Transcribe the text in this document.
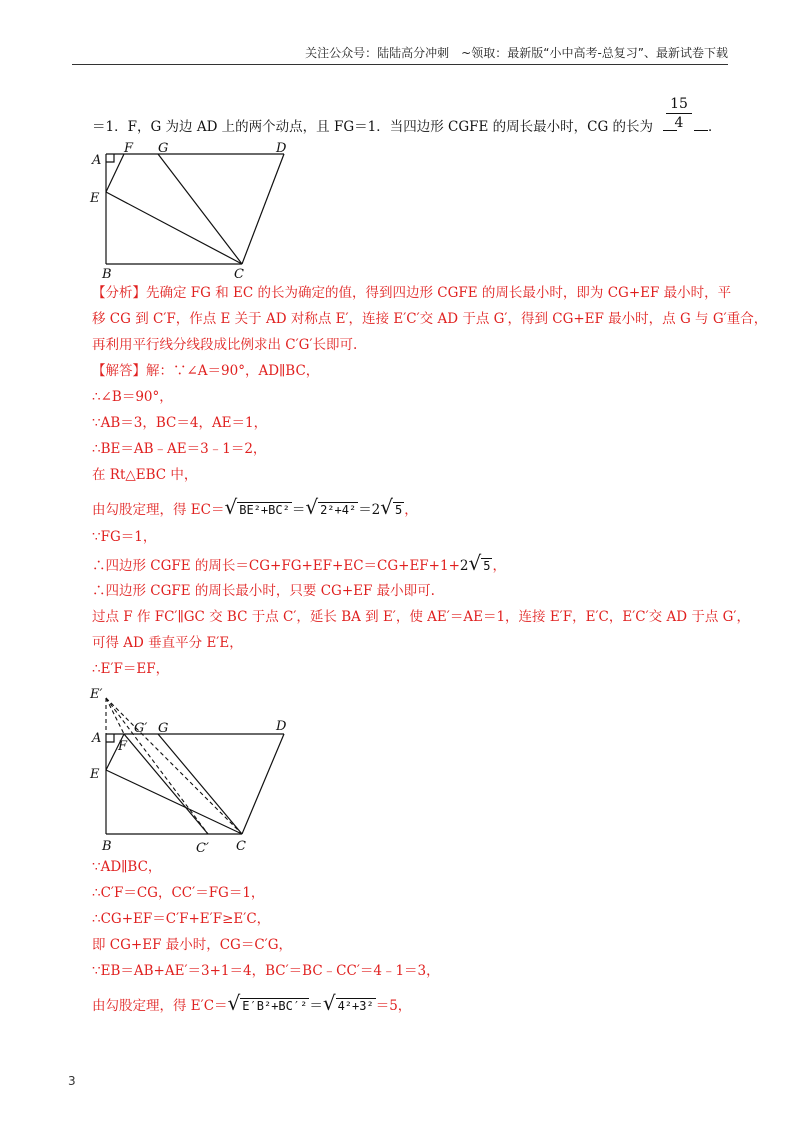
关注公众号：陆陆高分冲刺　~领取：最新版“小中高考-总复习”、最新试卷下载
＝1．F，G 为边 AD 上的两个动点，且 FG＝1．当四边形 CGFE 的周长最小时，CG 的长为
15
4	．
A
F G	D
E
B	C
【分析】先确定 FG 和 EC 的长为确定的值，得到四边形 CGFE 的周长最小时，即为 CG+EF 最小时，平
移 CG 到 C′F，作点 E 关于 AD 对称点 E′，连接 E′C′交 AD 于点 G′，得到 CG+EF 最小时，点 G 与 G′重合，
再利用平行线分线段成比例求出 C′G′长即可.
【解答】解：∵∠A＝90°，AD∥BC，
∴∠B＝90°，
∵AB＝3，BC＝4，AE＝1，
∴BE＝AB﹣AE＝3﹣1＝2，
在 Rt△EBC 中，
由勾股定理，得 EC＝√ BE²+BC² ＝√ 2²+4² ＝2√ 5 ，
∵FG＝1，
∴四边形 CGFE 的周长＝CG+FG+EF+EC＝CG+EF+1+2√ 5 ，
∴四边形 CGFE 的周长最小时，只要 CG+EF 最小即可.
过点 F 作 FC′∥GC 交 BC 于点 C′，延长 BA 到 E′，使 AE′＝AE＝1，连接 E′F，E′C，E′C′交 AD 于点 G′，
可得 AD 垂直平分 E′E，
∴E′F＝EF，
E′
A
G′ G	D
F
E
B	C′ C
∵AD∥BC，
∴C′F＝CG，CC′＝FG＝1，
∴CG+EF＝C′F+E′F≥E′C，
即 CG+EF 最小时，CG＝C′G，
∵EB＝AB+AE′＝3+1＝4，BC′＝BC﹣CC′＝4﹣1＝3，
由勾股定理，得 E′C＝√ E′B²+BC′² ＝√ 4²+3² ＝5，
3
